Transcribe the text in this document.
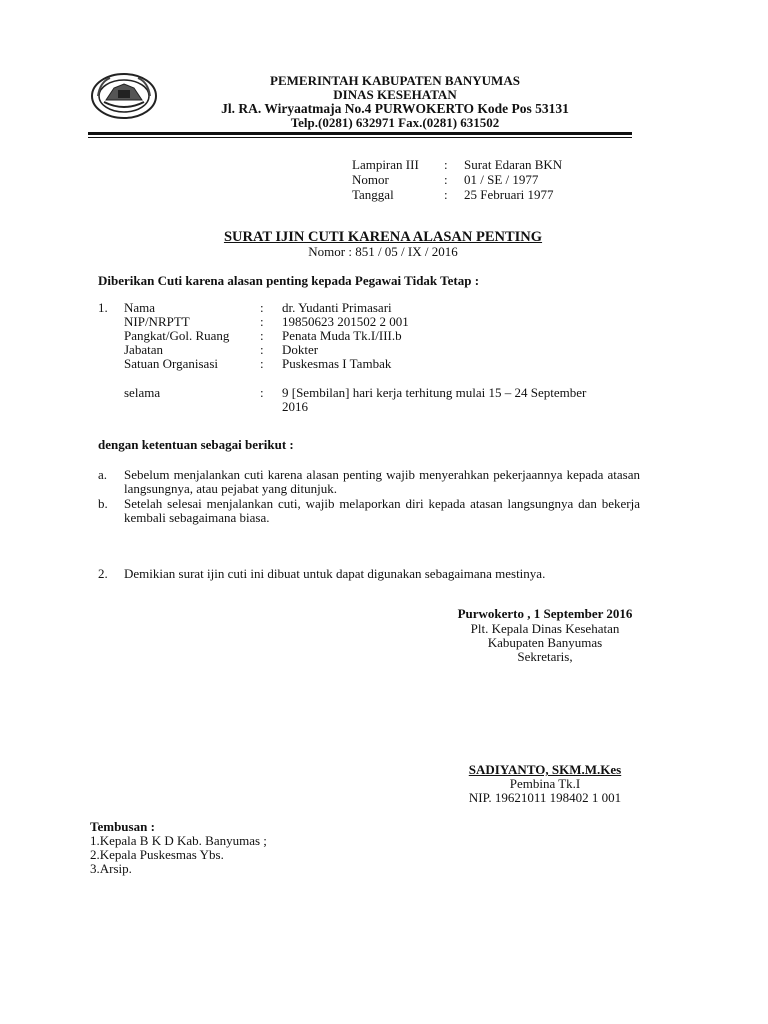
PEMERINTAH KABUPATEN BANYUMAS
DINAS KESEHATAN
Jl. RA. Wiryaatmaja No.4 PURWOKERTO Kode Pos 53131
Telp.(0281) 632971 Fax.(0281) 631502
Lampiran III : Surat Edaran BKN
Nomor	: 01 / SE / 1977
Tanggal	: 25 Februari 1977
SURAT IJIN CUTI KARENA ALASAN PENTING
Nomor : 851 / 05 / IX / 2016
Diberikan Cuti karena alasan penting kepada Pegawai Tidak Tetap :
1. Nama	: dr. Yudanti Primasari
NIP/NRPTT	: 19850623 201502 2 001
Pangkat/Gol. Ruang : Penata Muda Tk.I/III.b
Jabatan	: Dokter
Satuan Organisasi	: Puskesmas I Tambak
selama	: 9 [Sembilan] hari kerja terhitung mulai 15 – 24 September
2016
dengan ketentuan sebagai berikut :
a. Sebelum menjalankan cuti karena alasan penting wajib menyerahkan pekerjaannya kepada atasan langsungnya, atau pejabat yang ditunjuk.
b. Setelah selesai menjalankan cuti, wajib melaporkan diri kepada atasan langsungnya dan bekerja kembali sebagaimana biasa.
2. Demikian surat ijin cuti ini dibuat untuk dapat digunakan sebagaimana mestinya.
Purwokerto , 1 September 2016
Plt. Kepala Dinas Kesehatan
Kabupaten Banyumas
Sekretaris,
SADIYANTO, SKM.M.Kes
Pembina Tk.I
NIP. 19621011 198402 1 001
Tembusan :
1.Kepala B K D Kab. Banyumas ;
2.Kepala Puskesmas Ybs.
3.Arsip.
